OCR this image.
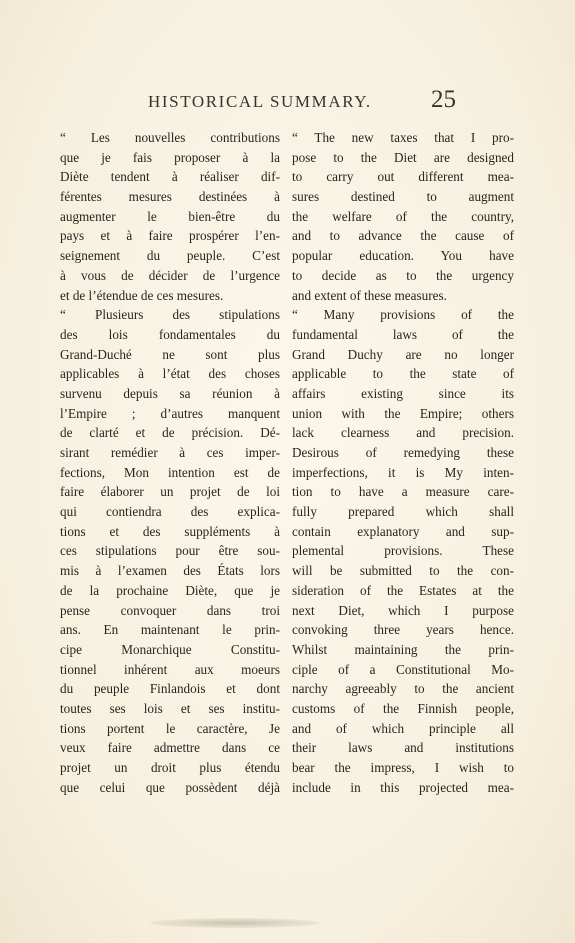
HISTORICAL SUMMARY.	25
“ Les nouvelles contributions
que je fais proposer à la
Diète tendent à réaliser dif-
férentes mesures destinées à
augmenter le bien-être du
pays et à faire prospérer l’en-
seignement du peuple. C’est
à vous de décider de l’urgence
et de l’étendue de ces mesures.
“ Plusieurs des stipulations
des lois fondamentales du
Grand-Duché ne sont plus
applicables à l’état des choses
survenu depuis sa réunion à
l’Empire ; d’autres manquent
de clarté et de précision. Dé-
sirant remédier à ces imper-
fections, Mon intention est de
faire élaborer un projet de loi
qui contiendra des explica-
tions et des suppléments à
ces stipulations pour être sou-
mis à l’examen des États lors
de la prochaine Diète, que je
pense convoquer dans troi
ans. En maintenant le prin-
cipe Monarchique Constitu-
tionnel inhérent aux moeurs
du peuple Finlandois et dont
toutes ses lois et ses institu-
tions portent le caractère, Je
veux faire admettre dans ce
projet un droit plus étendu
que celui que possèdent déjà
“ The new taxes that I pro-
pose to the Diet are designed
to carry out different mea-
sures destined to augment
the welfare of the country,
and to advance the cause of
popular education. You have
to decide as to the urgency
and extent of these measures.
“ Many provisions of the
fundamental laws of the
Grand Duchy are no longer
applicable to the state of
affairs existing since its
union with the Empire; others
lack clearness and precision.
Desirous of remedying these
imperfections, it is My inten-
tion to have a measure care-
fully prepared which shall
contain explanatory and sup-
plemental provisions. These
will be submitted to the con-
sideration of the Estates at the
next Diet, which I purpose
convoking three years hence.
Whilst maintaining the prin-
ciple of a Constitutional Mo-
narchy agreeably to the ancient
customs of the Finnish people,
and of which principle all
their laws and institutions
bear the impress, I wish to
include in this projected mea-
